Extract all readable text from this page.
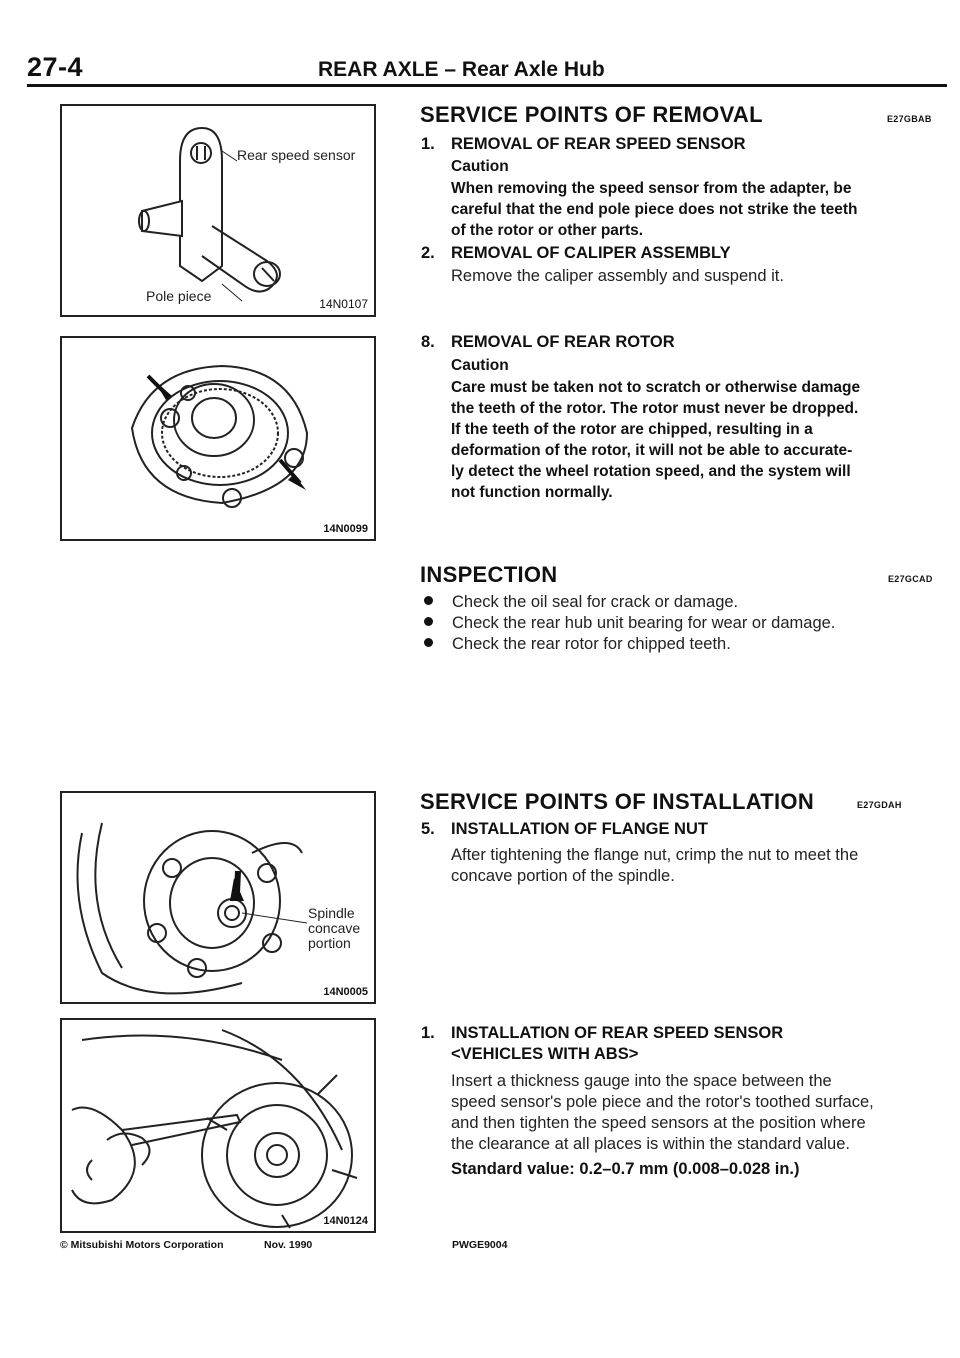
27-4	REAR AXLE – Rear Axle Hub
Rear speed sensor
Pole piece	14N0107
14N0099
Spindle
concave
portion
14N0005
14N0124
SERVICE POINTS OF REMOVAL	E27GBAB
1. REMOVAL OF REAR SPEED SENSOR
Caution
When removing the speed sensor from the adapter, be
careful that the end pole piece does not strike the teeth
of the rotor or other parts.
2. REMOVAL OF CALIPER ASSEMBLY
Remove the caliper assembly and suspend it.
8. REMOVAL OF REAR ROTOR
Caution
Care must be taken not to scratch or otherwise damage
the teeth of the rotor. The rotor must never be dropped.
If the teeth of the rotor are chipped, resulting in a
deformation of the rotor, it will not be able to accurate-
ly detect the wheel rotation speed, and the system will
not function normally.
INSPECTION	E27GCAD
Check the oil seal for crack or damage.
Check the rear hub unit bearing for wear or damage.
Check the rear rotor for chipped teeth.
SERVICE POINTS OF INSTALLATION	E27GDAH
5. INSTALLATION OF FLANGE NUT
After tightening the flange nut, crimp the nut to meet the
concave portion of the spindle.
1. INSTALLATION OF REAR SPEED SENSOR
<VEHICLES WITH ABS>
Insert a thickness gauge into the space between the
speed sensor's pole piece and the rotor's toothed surface,
and then tighten the speed sensors at the position where
the clearance at all places is within the standard value.
Standard value: 0.2–0.7 mm (0.008–0.028 in.)
© Mitsubishi Motors Corporation	Nov. 1990	PWGE9004
